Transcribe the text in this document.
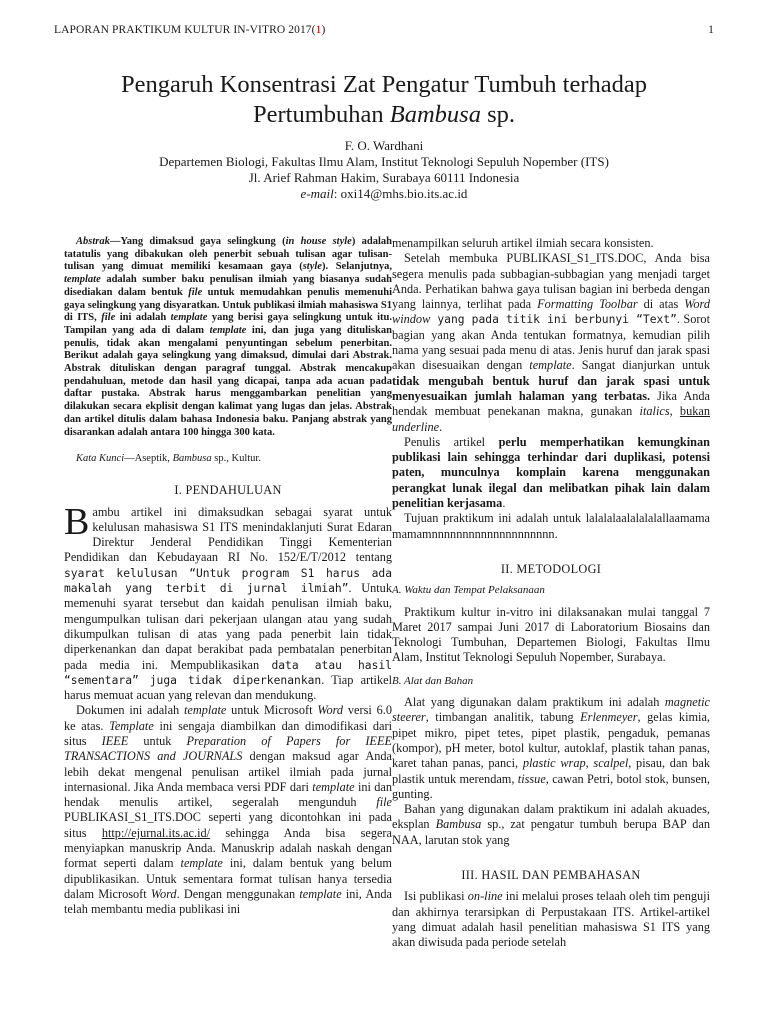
LAPORAN PRAKTIKUM KULTUR IN-VITRO 2017(1)	1
Pengaruh Konsentrasi Zat Pengatur Tumbuh terhadap
Pertumbuhan Bambusa sp.
F. O. Wardhani
Departemen Biologi, Fakultas Ilmu Alam, Institut Teknologi Sepuluh Nopember (ITS)
Jl. Arief Rahman Hakim, Surabaya 60111 Indonesia
e-mail: oxi14@mhs.bio.its.ac.id

Abstrak—Yang dimaksud gaya selingkung (in house style) adalah tatatulis yang dibakukan oleh penerbit sebuah tulisan agar tulisan-tulisan yang dimuat memiliki kesamaan gaya (style). Selanjutnya, template adalah sumber baku penulisan ilmiah yang biasanya sudah disediakan dalam bentuk file untuk memudahkan penulis memenuhi gaya selingkung yang disyaratkan. Untuk publikasi ilmiah mahasiswa S1 di ITS, file ini adalah template yang berisi gaya selingkung untuk itu. Tampilan yang ada di dalam template ini, dan juga yang dituliskan penulis, tidak akan mengalami penyuntingan sebelum penerbitan. Berikut adalah gaya selingkung yang dimaksud, dimulai dari Abstrak. Abstrak dituliskan dengan paragraf tunggal. Abstrak mencakup pendahuluan, metode dan hasil yang dicapai, tanpa ada acuan pada daftar pustaka. Abstrak harus menggambarkan penelitian yang dilakukan secara ekplisit dengan kalimat yang lugas dan jelas. Abstrak dan artikel ditulis dalam bahasa Indonesia baku. Panjang abstrak yang disarankan adalah antara 100 hingga 300 kata.

Kata Kunci—Aseptik, Bambusa sp., Kultur.

I. PENDAHULUAN

Bambu artikel ini dimaksudkan sebagai syarat untuk kelulusan mahasiswa S1 ITS menindaklanjuti Surat Edaran Direktur Jenderal Pendidikan Tinggi Kementerian Pendidikan dan Kebudayaan RI No. 152/E/T/2012 tentang syarat kelulusan “Untuk program S1 harus ada makalah yang terbit di jurnal ilmiah”. Untuk memenuhi syarat tersebut dan kaidah penulisan ilmiah baku, mengumpulkan tulisan dari pekerjaan ulangan atau yang sudah dikumpulkan tulisan di atas yang pada penerbit lain tidak diperkenankan dan dapat berakibat pada pembatalan penerbitan pada media ini. Mempublikasikan data atau hasil “sementara” juga tidak diperkenankan. Tiap artikel harus memuat acuan yang relevan dan mendukung.

Dokumen ini adalah template untuk Microsoft Word versi 6.0 ke atas. Template ini sengaja diambilkan dan dimodifikasi dari situs IEEE untuk Preparation of Papers for IEEE TRANSACTIONS and JOURNALS dengan maksud agar Anda lebih dekat mengenal penulisan artikel ilmiah pada jurnal internasional. Jika Anda membaca versi PDF dari template ini dan hendak menulis artikel, segeralah mengunduh file PUBLIKASI_S1_ITS.DOC seperti yang dicontohkan ini pada situs http://ejurnal.its.ac.id/ sehingga Anda bisa segera menyiapkan manuskrip Anda. Manuskrip adalah naskah dengan format seperti dalam template ini, dalam bentuk yang belum dipublikasikan. Untuk sementara format tulisan hanya tersedia dalam Microsoft Word. Dengan menggunakan template ini, Anda telah membantu media publikasi ini

menampilkan seluruh artikel ilmiah secara konsisten.

Setelah membuka PUBLIKASI_S1_ITS.DOC, Anda bisa segera menulis pada subbagian-subbagian yang menjadi target Anda. Perhatikan bahwa gaya tulisan bagian ini berbeda dengan yang lainnya, terlihat pada Formatting Toolbar di atas Word window yang pada titik ini berbunyi “Text”. Sorot bagian yang akan Anda tentukan formatnya, kemudian pilih nama yang sesuai pada menu di atas. Jenis huruf dan jarak spasi akan disesuaikan dengan template. Sangat dianjurkan untuk tidak mengubah bentuk huruf dan jarak spasi untuk menyesuaikan jumlah halaman yang terbatas. Jika Anda hendak membuat penekanan makna, gunakan italics, bukan underline.

Penulis artikel perlu memperhatikan kemungkinan publikasi lain sehingga terhindar dari duplikasi, potensi paten, munculnya komplain karena menggunakan perangkat lunak ilegal dan melibatkan pihak lain dalam penelitian kerjasama.

Tujuan praktikum ini adalah untuk lalalalaalalalalallaamamamamamnnnnnnnnnnnnnnnnnnnn.

II. METODOLOGI
A. Waktu dan Tempat Pelaksanaan

Praktikum kultur in-vitro ini dilaksanakan mulai tanggal 7 Maret 2017 sampai Juni 2017 di Laboratorium Biosains dan Teknologi Tumbuhan, Departemen Biologi, Fakultas Ilmu Alam, Institut Teknologi Sepuluh Nopember, Surabaya.

B. Alat dan Bahan

Alat yang digunakan dalam praktikum ini adalah magnetic steerer, timbangan analitik, tabung Erlenmeyer, gelas kimia, pipet mikro, pipet tetes, pipet plastik, pengaduk, pemanas (kompor), pH meter, botol kultur, autoklaf, plastik tahan panas, karet tahan panas, panci, plastic wrap, scalpel, pisau, dan bak plastik untuk merendam, tissue, cawan Petri, botol stok, bunsen, gunting.

Bahan yang digunakan dalam praktikum ini adalah akuades, eksplan Bambusa sp., zat pengatur tumbuh berupa BAP dan NAA, larutan stok yang

III. HASIL DAN PEMBAHASAN

Isi publikasi on-line ini melalui proses telaah oleh tim penguji dan akhirnya terarsipkan di Perpustakaan ITS. Artikel-artikel yang dimuat adalah hasil penelitian mahasiswa S1 ITS yang akan diwisuda pada periode setelah
